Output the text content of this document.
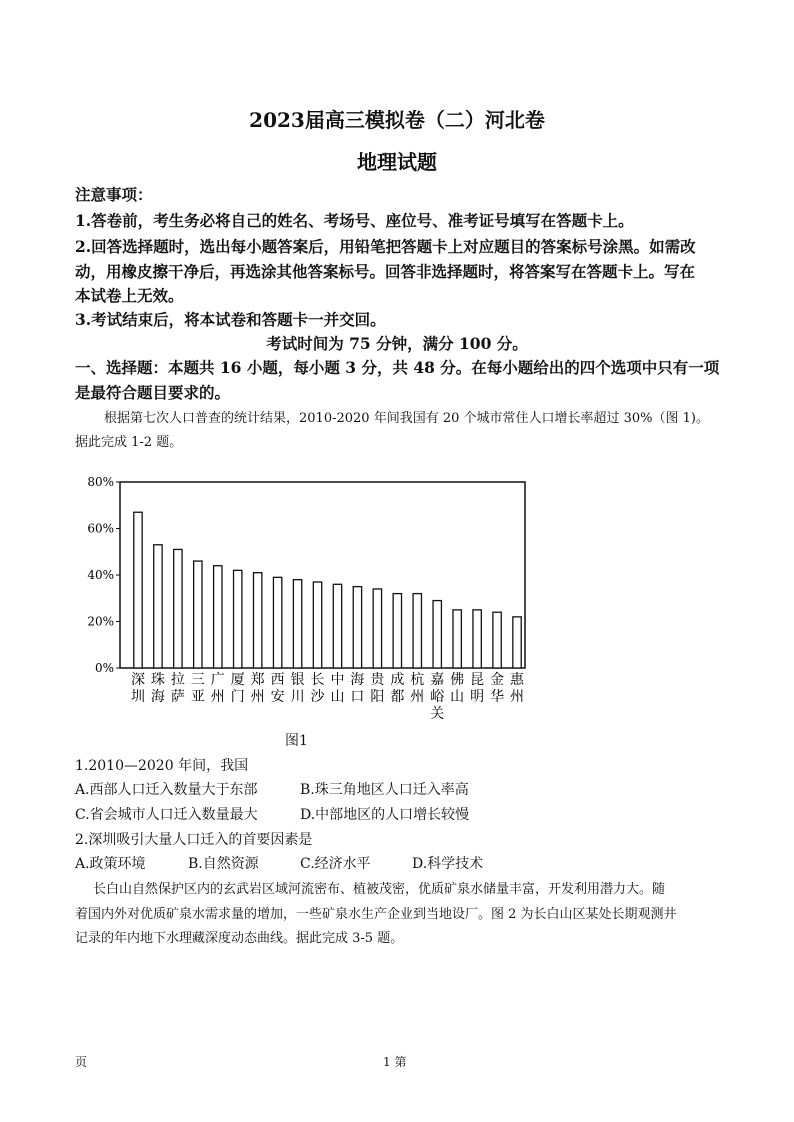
2023届高三模拟卷（二）河北卷
地理试题
注意事项：
1.答卷前，考生务必将自己的姓名、考场号、座位号、准考证号填写在答题卡上。
2.回答选择题时，选出每小题答案后，用铅笔把答题卡上对应题目的答案标号涂黑。如需改
动，用橡皮擦干净后，再选涂其他答案标号。回答非选择题时，将答案写在答题卡上。写在
本试卷上无效。
3.考试结束后，将本试卷和答题卡一并交回。
考试时间为 75 分钟，满分 100 分。
一、选择题：本题共 16 小题，每小题 3 分，共 48 分。在每小题给出的四个选项中只有一项
是最符合题目要求的。
根据第七次人口普查的统计结果，2010-2020 年间我国有 20 个城市常住人口增长率超过 30%（图 1)。
据此完成 1-2 题。
0%
20%
40%
60%
80%
深
圳
珠
海
拉
萨
三
亚
广
州
厦
门
郑
州
西
安
银
川
长
沙
中
山
海
口
贵
阳
成
都
杭
州
嘉
峪
关
佛
山
昆
明
金
华
惠
州
图1
1.2010—2020 年间，我国
A.西部人口迁入数量大于东部	B.珠三角地区人口迁入率高
C.省会城市人口迁入数量最大	D.中部地区的人口增长较慢
2.深圳吸引大量人口迁入的首要因素是
A.政策环境	B.自然资源	C.经济水平	D.科学技术
长白山自然保护区内的玄武岩区域河流密布、植被茂密，优质矿泉水储量丰富，开发利用潜力大。随
着国内外对优质矿泉水需求量的增加，一些矿泉水生产企业到当地设厂。图 2 为长白山区某处长期观测井
记录的年内地下水理藏深度动态曲线。据此完成 3-5 题。
页	1 第
